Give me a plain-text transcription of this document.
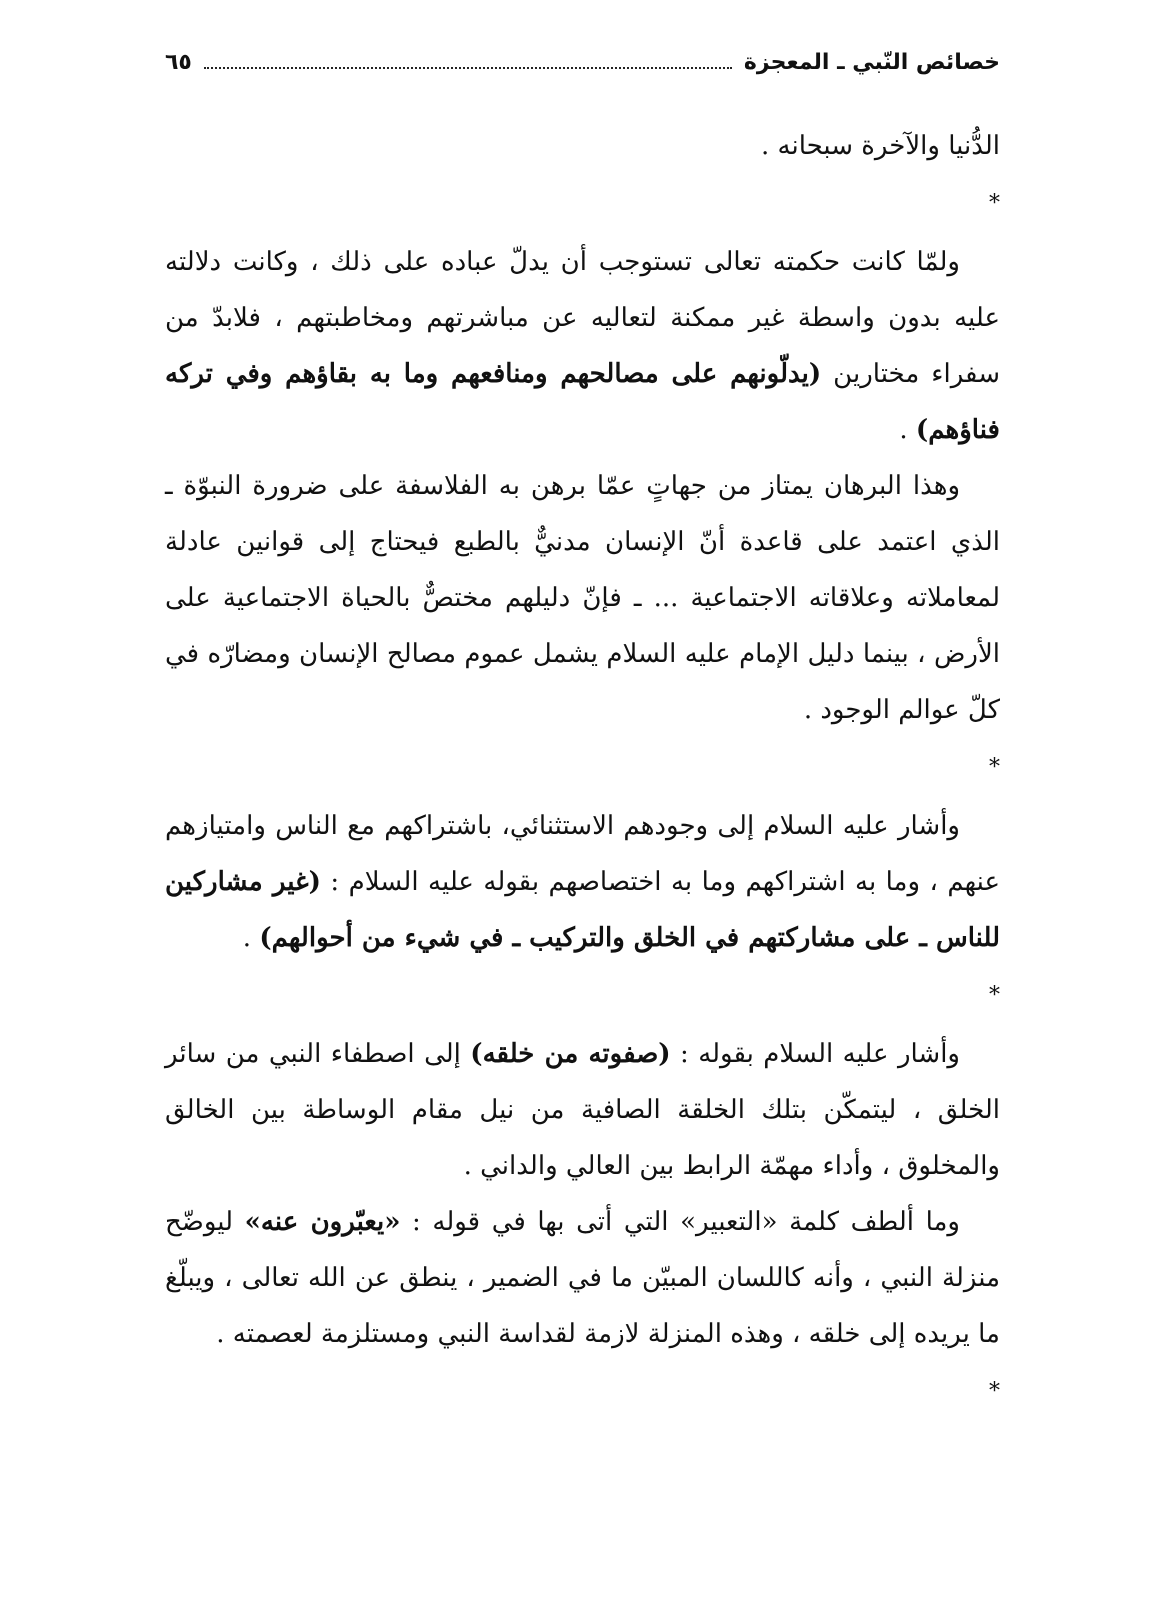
خصائص النّبي ـ المعجزة
٦٥

الدُّنيا والآخرة سبحانه .

*

ولمّا كانت حكمته تعالى تستوجب أن يدلّ عباده على ذلك ، وكانت دلالته عليه بدون واسطة غير ممكنة لتعاليه عن مباشرتهم ومخاطبتهم ، فلابدّ من سفراء مختارين (يدلّونهم على مصالحهم ومنافعهم وما به بقاؤهم وفي تركه فناؤهم) .

وهذا البرهان يمتاز من جهاتٍ عمّا برهن به الفلاسفة على ضرورة النبوّة ـ الذي اعتمد على قاعدة أنّ الإنسان مدنيٌّ بالطبع فيحتاج إلى قوانين عادلة لمعاملاته وعلاقاته الاجتماعية ... ـ فإنّ دليلهم مختصٌّ بالحياة الاجتماعية على الأرض ، بينما دليل الإمام عليه السلام يشمل عموم مصالح الإنسان ومضارّه في كلّ عوالم الوجود .

*

وأشار عليه السلام إلى وجودهم الاستثنائي، باشتراكهم مع الناس وامتيازهم عنهم ، وما به اشتراكهم وما به اختصاصهم بقوله عليه السلام : (غير مشاركين للناس ـ على مشاركتهم في الخلق والتركيب ـ في شيء من أحوالهم) .

*

وأشار عليه السلام بقوله : (صفوته من خلقه) إلى اصطفاء النبي من سائر الخلق ، ليتمكّن بتلك الخلقة الصافية من نيل مقام الوساطة بين الخالق والمخلوق ، وأداء مهمّة الرابط بين العالي والداني .

وما ألطف كلمة «التعبير» التي أتى بها في قوله : «يعبّرون عنه» ليوضّح منزلة النبي ، وأنه كاللسان المبيّن ما في الضمير ، ينطق عن الله تعالى ، ويبلّغ ما يريده إلى خلقه ، وهذه المنزلة لازمة لقداسة النبي ومستلزمة لعصمته .

*
